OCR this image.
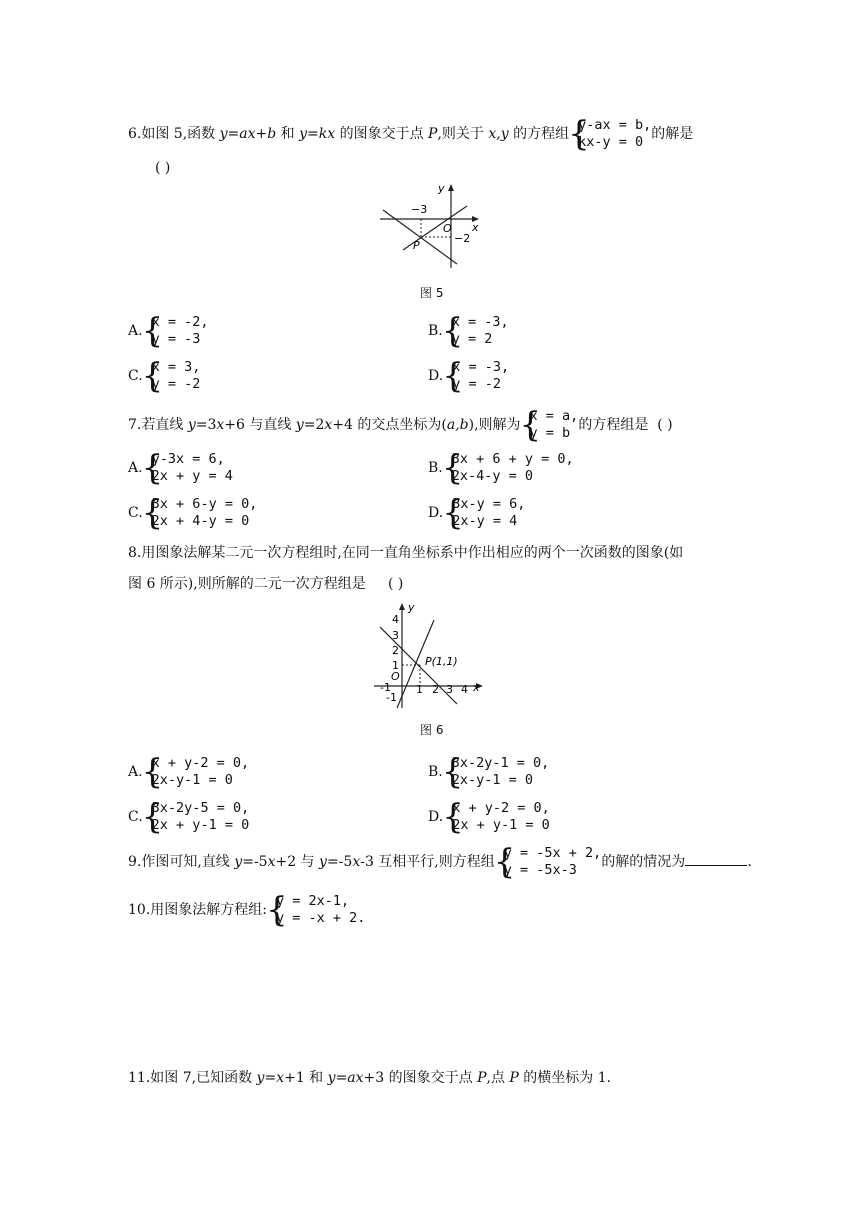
6.如图 5,函数 y=ax+b 和 y=kx 的图象交于点 P,则关于 x,y 的方程组 {
y-ax = b,
kx-y = 0 的解是
( )
y
x
O
−3
−2
P
图 5
A. {
x = -2,
y = -3	B. {
x = -3,
y = 2
C. {
x = 3,
y = -2	D. {
x = -3,
y = -2
7.若直线 y=3x+6 与直线 y=2x+4 的交点坐标为(a,b),则解为 {
x = a,
y = b 的方程组是 ( )
A. {
y-3x = 6,
2x + y = 4	B. {
3x + 6 + y = 0,
2x-4-y = 0
C. {
3x + 6-y = 0,
2x + 4-y = 0	D. {
3x-y = 6,
2x-y = 4
8.用图象法解某二元一次方程组时,在同一直角坐标系中作出相应的两个一次函数的图象(如
图 6 所示),则所解的二元一次方程组是 ( )
y
x
O
P(1,1)
4
3
2
1
-1
-1 1 2 3 4
图 6
A. {
x + y-2 = 0,
2x-y-1 = 0	B. {
3x-2y-1 = 0,
2x-y-1 = 0
C. {
3x-2y-5 = 0,
2x + y-1 = 0	D. {
x + y-2 = 0,
2x + y-1 = 0
9.作图可知,直线 y=-5x+2 与 y=-5x-3 互相平行,则方程组 {
y = -5x + 2,
y = -5x-3	的解的情况为	.
10.用图象法解方程组: {
y = 2x-1,
y = -x + 2.
11.如图 7,已知函数 y=x+1 和 y=ax+3 的图象交于点 P,点 P 的横坐标为 1.
